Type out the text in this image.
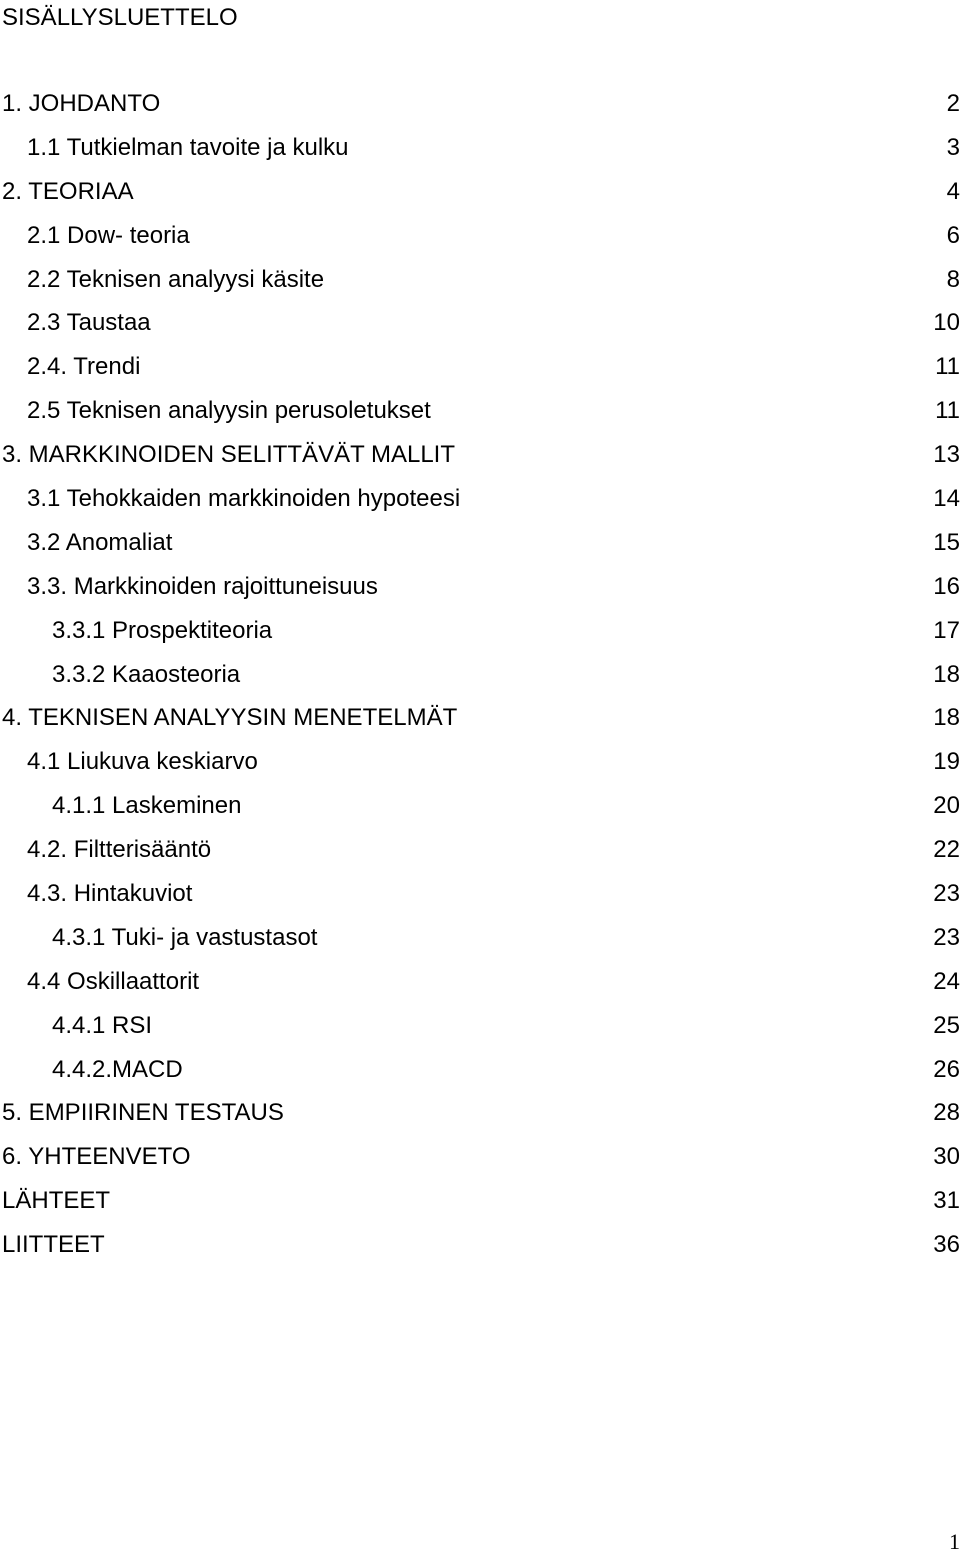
SISÄLLYSLUETTELO
1. JOHDANTO	2
1.1 Tutkielman tavoite ja kulku	3
2. TEORIAA	4
2.1 Dow- teoria	6
2.2 Teknisen analyysi käsite	8
2.3 Taustaa	10
2.4. Trendi	11
2.5 Teknisen analyysin perusoletukset	11
3. MARKKINOIDEN SELITTÄVÄT MALLIT	13
3.1 Tehokkaiden markkinoiden hypoteesi	14
3.2 Anomaliat	15
3.3. Markkinoiden rajoittuneisuus	16
3.3.1 Prospektiteoria	17
3.3.2 Kaaosteoria	18
4. TEKNISEN ANALYYSIN MENETELMÄT	18
4.1 Liukuva keskiarvo	19
4.1.1 Laskeminen	20
4.2. Filtterisääntö	22
4.3. Hintakuviot	23
4.3.1 Tuki- ja vastustasot	23
4.4 Oskillaattorit	24
4.4.1 RSI	25
4.4.2.MACD	26
5. EMPIIRINEN TESTAUS	28
6. YHTEENVETO	30
LÄHTEET	31
LIITTEET	36
1
